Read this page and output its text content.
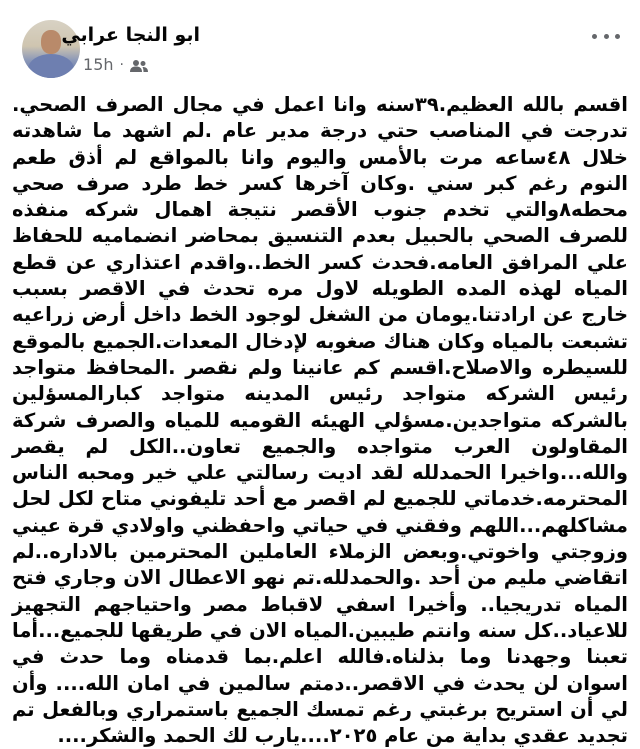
ابو النجا عرابي
15h ·

اقسم بالله العظيم.٣٩سنه وانا اعمل في مجال الصرف الصحي. تدرجت في المناصب حتي درجة مدير عام .لم اشهد ما شاهدته خلال ٤٨ساعه مرت بالأمس واليوم وانا بالمواقع لم أذق طعم النوم رغم كبر سني .وكان آخرها كسر خط طرد صرف صحي محطه٨والتي تخدم جنوب الأقصر نتيجة اهمال شركه منفذه للصرف الصحي بالحبيل بعدم التنسيق بمحاضر انضماميه للحفاظ علي المرافق العامه.فحدث كسر الخط..واقدم اعتذاري عن قطع المياه لهذه المده الطويله لاول مره تحدث في الاقصر بسبب خارج عن ارادتنا.يومان من الشغل لوجود الخط داخل أرض زراعيه تشبعت بالمياه وكان هناك صغوبه لإدخال المعدات.الجميع بالموقع للسيطره والاصلاح.اقسم كم عانينا ولم نقصر .المحافظ متواجد رئيس الشركه متواجد رئيس المدينه متواجد كبارالمسؤلين بالشركه متواجدين.مسؤلي الهيئه القوميه للمياه والصرف شركة المقاولون العرب متواجده والجميع تعاون..الكل لم يقصر والله...واخيرا الحمدلله لقد اديت رسالتي علي خير ومحبه الناس المحترمه.خدماتي للجميع لم اقصر مع أحد تليفوني متاح لكل لحل مشاكلهم...اللهم وفقني في حياتي واحفظني واولادي قرة عيني وزوجتي واخوتي.وبعض الزملاء العاملين المحترمين بالاداره..لم اتقاضي مليم من أحد .والحمدلله.تم نهو الاعطال الان وجاري فتح المياه تدريجيا.. وأخيرا اسفي لاقباط مصر واحتياجهم التجهيز للاعياد..كل سنه وانتم طيبين.المياه الان في طريقها للجميع...أما تعبنا وجهدنا وما بذلناه.فالله اعلم.بما قدمناه وما حدث في اسوان لن يحدث في الاقصر..دمتم سالمين في امان الله.... وأن لي أن استريح برغبتي رغم تمسك الجميع باستمراري وبالفعل تم تجديد عقدي بداية من عام ٢٠٢٥....يارب لك الحمد والشكر....
